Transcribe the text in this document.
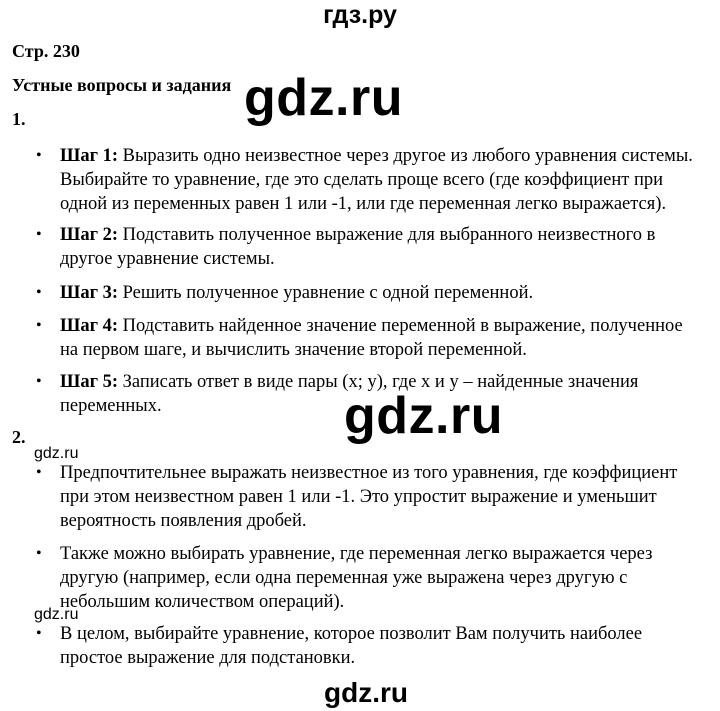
гдз.ру
Стр. 230
Устные вопросы и задания gdz.ru
1.
• Шаг 1: Выразить одно неизвестное через другое из любого уравнения системы.
Выбирайте то уравнение, где это сделать проще всего (где коэффициент при
одной из переменных равен 1 или -1, или где переменная легко выражается).
• Шаг 2: Подставить полученное выражение для выбранного неизвестного в
другое уравнение системы.
• Шаг 3: Решить полученное уравнение с одной переменной.
• Шаг 4: Подставить найденное значение переменной в выражение, полученное
на первом шаге, и вычислить значение второй переменной.
• Шаг 5: Записать ответ в виде пары (x; y), где x и y – найденные значения
переменных.	gdz.ru
2.
gdz.ru
• Предпочтительнее выражать неизвестное из того уравнения, где коэффициент
при этом неизвестном равен 1 или -1. Это упростит выражение и уменьшит
вероятность появления дробей.
• Также можно выбирать уравнение, где переменная легко выражается через
другую (например, если одна переменная уже выражена через другую с
небольшим количеством операций).
gdz.ru
• В целом, выбирайте уравнение, которое позволит Вам получить наиболее
простое выражение для подстановки.
gdz.ru
